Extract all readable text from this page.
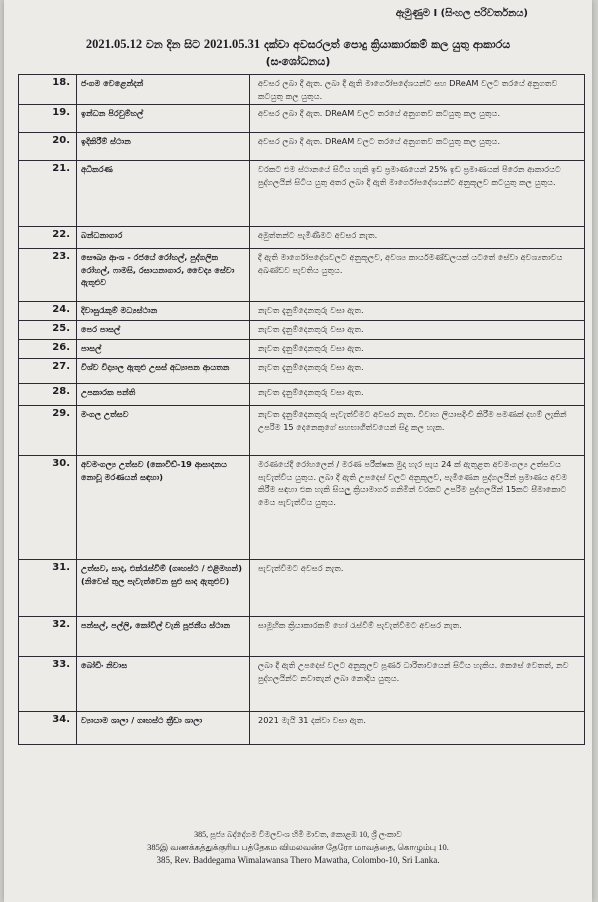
ඇමුණුම I (සිංහල පරිවර්තනය)
2021.05.12 වන දින සිට 2021.05.31 දක්වා අවසරලත් පොදු ක්‍රියාකාරකම් කල යුතු ආකාරය
(සංශෝධනය)
18.	ජංගම වෙළෙන්දන්	අවසර ලබා දී ඇත. ලබා දී ඇති මාර්ගෝපදේශයන්ට සහ DReAM වලට තරයේ අනුගතව කටයුතු කල යුතුය.
19.	ඉන්ධන පිරවුම්හල්	අවසර ලබා දී ඇත. DReAM වලට තරයේ අනුගතව කටයුතු කල යුතුය.
20.	ඉදිකිරීම් ස්ථාන	අවසර ලබා දී ඇත. DReAM වලට තරයේ අනුගතව කටයුතු කල යුතුය.
21.	අධිකරණ	වරකට එම ස්ථානයේ සිටිය හැකි ඉඩ ප්‍රමාණයෙන් 25% ඉඩ ප්‍රමාණයක් පිරෙන ආකාරයට පුද්ගලයින් සිටිය යුතු අතර ලබා දී ඇති මාර්ගෝපදේශයන්ට අනුකූලව කටයුතු කල යුතුය.
22.	බන්ධනාගාර	අමුත්තන්ට පැමිණීමට අවසර නැත.
23.	සෞඛ්‍ය ආංශ - රජයේ රෝහල්, පුද්ගලික රෝහල්, ෆාමසි, රසායනාගාර, වෛද්‍ය සේවා ඇතුළුව	දී ඇති මාර්ගෝපදේශවලට අනුකූලව, අවශ්‍ය කාර්යමණ්ඩලයක් යටතේ සේවා අවශ්‍යතාවය අඛණ්ඩව පැවතිය යුතුය.
24.	දිවාසුරැකුම් මධ්‍යස්ථාන	නැවත දැනුම්දෙනතුරු වසා ඇත.
25.	පෙර පාසල්	නැවත දැනුම්දෙනතුරු වසා ඇත.
26.	පාසල්	නැවත දැනුම්දෙනතුරු වසා ඇත.
27.	විශ්ව විද්‍යාල ඇතුළු උසස් අධ්‍යාපන ආයතන	නැවත දැනුම්දෙනතුරු වසා ඇත.
28.	උපකාරක පන්ති	නැවත දැනුම්දෙනතුරු වසා ඇත.
29.	මංගල උත්සව	නැවත දැනුම්දෙනතුරු පැවැත්වීමට අවසර නැත. විවාහ ලියාපදිංචි කිරීම පමණක් දහම් ලැකින් උපරිම 15 දෙනෙකුගේ සහභාගීත්වයෙන් සිදු කල හැක.
30.	අවමංගල්‍ය උත්සව (කොවිඩ්-19 ආසාදනය නොවූ මරණයන් සඳහා)	මරණයේදී රෝහලෙන් / මරණ පරීක්ෂක මුදා හැර පැය 24 ක් ඇතුළත අවමංගල්‍ය උත්සවය පැවැත්විය යුතුය. ලබා දී ඇති උපදෙස් වලට අනුකූලව, පැමිණෙන පුද්ගලයින් ප්‍රමාණය අවම කිරීම සඳහා එක හැකි සියලු ක්‍රියාමාර්ග ගනිමින් වරකට උපරිම පුද්ගලයින් 15කට සීමාකොට මෙය පැවැත්විය යුතුය.
31.	උත්සව, සාද, එක්රැස්වීම් (ගෘහස්ථ / එළිමහන්) (නිවෙස් තුල පැවැත්වෙන සුළු සාද ඇතුළුව)	පැවැත්වීමට අවසර නැත.
32.	පන්සල්, පල්ලි, කෝවිල් වැනි පූජනීය ස්ථාන	සාමූහික ක්‍රියාකාරකම් හෝ රැස්වීම් පැවැත්වීමට අවසර නැත.
33.	බෝඩිං නිවාස	ලබා දී ඇති උපදෙස් වලට අනුකූලව පූර්ණ ධාරිතාවයෙන් සිටිය හැකිය. කෙසේ වෙතත්, නව පුද්ගලයින්ට නවාතැන් ලබා නොදිය යුතුය.
34.	ව්‍යායාම ශාලා / ගෘහස්ථ ක්‍රීඩා ශාලා	2021 මැයි 31 දක්වා වසා ඇත.
385, පූජ්‍ය බද්දේගම විමලවංශ හිමි මාවත, කොළඹ 10, ශ්‍රී ලංකාව
385இ வணக்கத்துக்குரிய பத்தேகம விமலவன்ச தேரோ மாவத்தை, கொழும்பு 10.
385, Rev. Baddegama Wimalawansa Thero Mawatha, Colombo-10, Sri Lanka.
